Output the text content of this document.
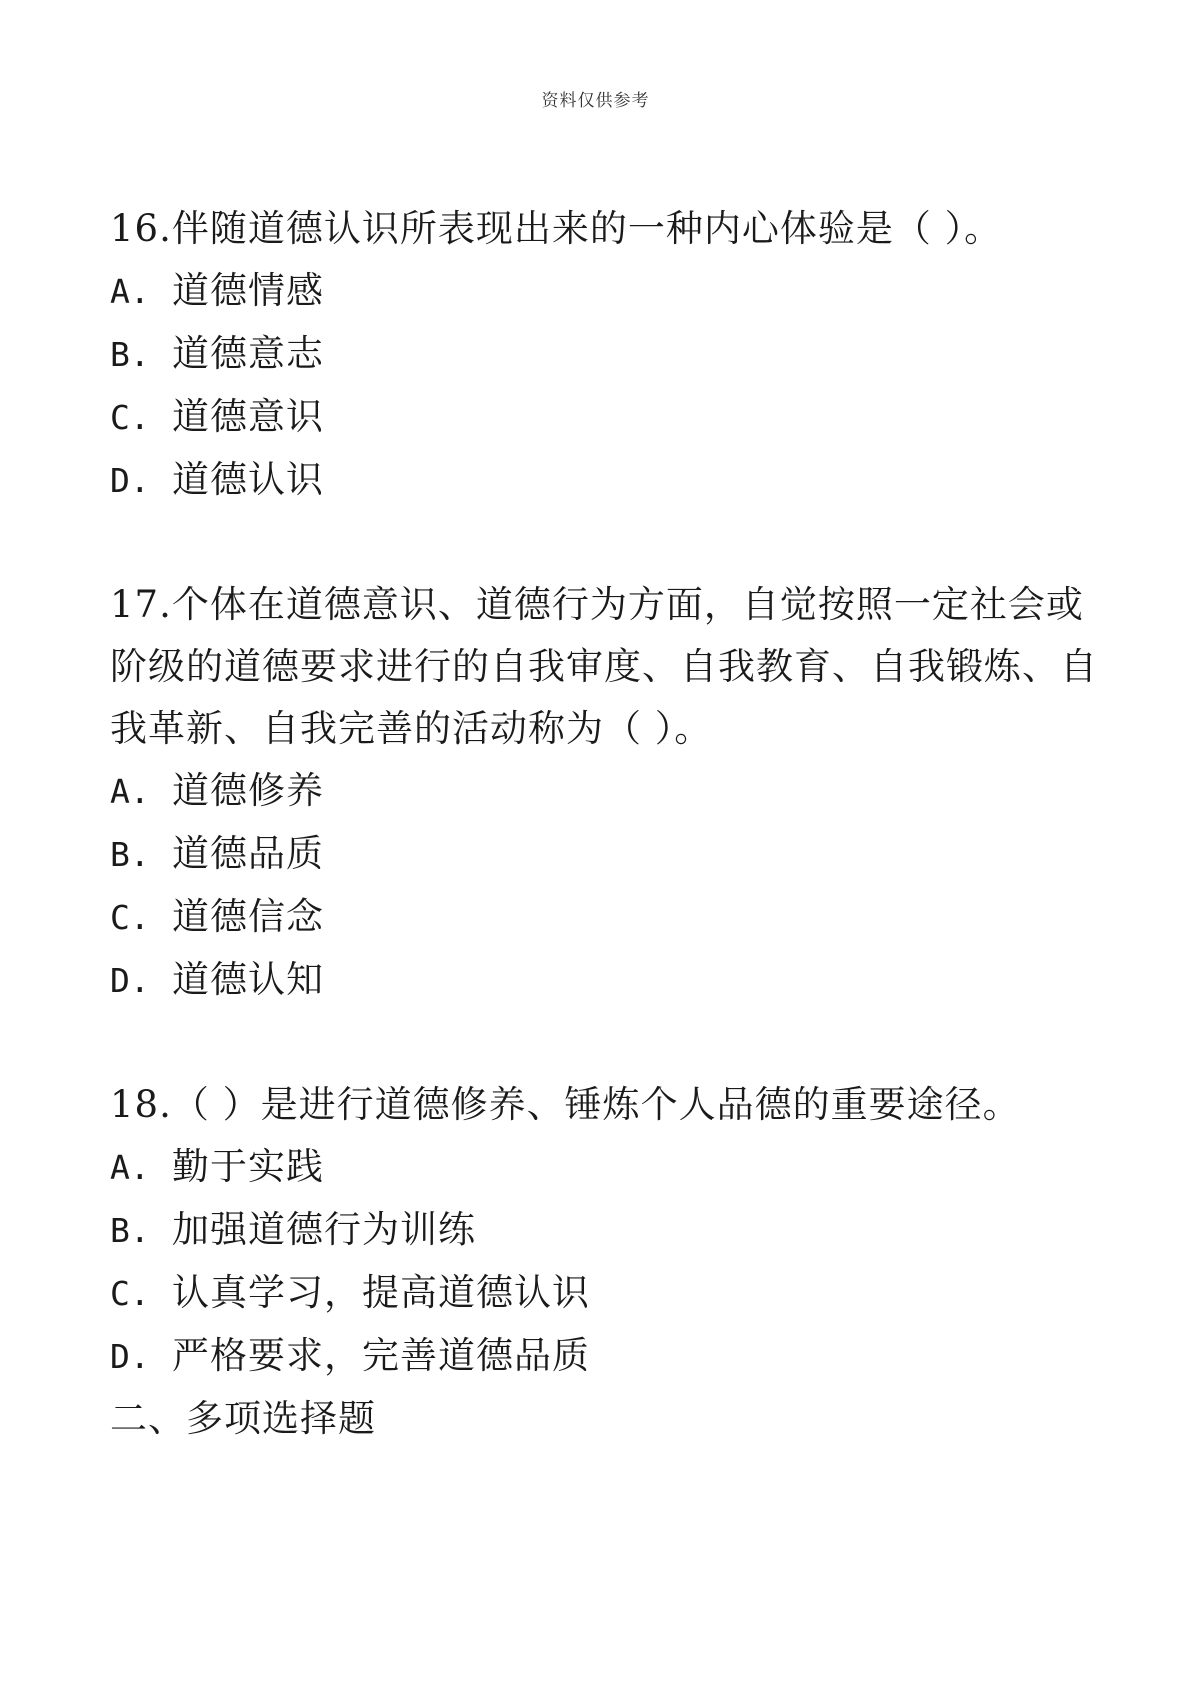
资料仅供参考

16.伴随道德认识所表现出来的一种内心体验是（ ）。

A. 道德情感
B. 道德意志
C. 道德意识
D. 道德认识

17.个体在道德意识、道德行为方面，自觉按照一定社会或阶级的道德要求进行的自我审度、自我教育、自我锻炼、自我革新、自我完善的活动称为（ ）。

A. 道德修养
B. 道德品质
C. 道德信念
D. 道德认知

18.（ ）是进行道德修养、锤炼个人品德的重要途径。

A. 勤于实践
B. 加强道德行为训练
C. 认真学习，提高道德认识
D. 严格要求，完善道德品质

二、多项选择题
